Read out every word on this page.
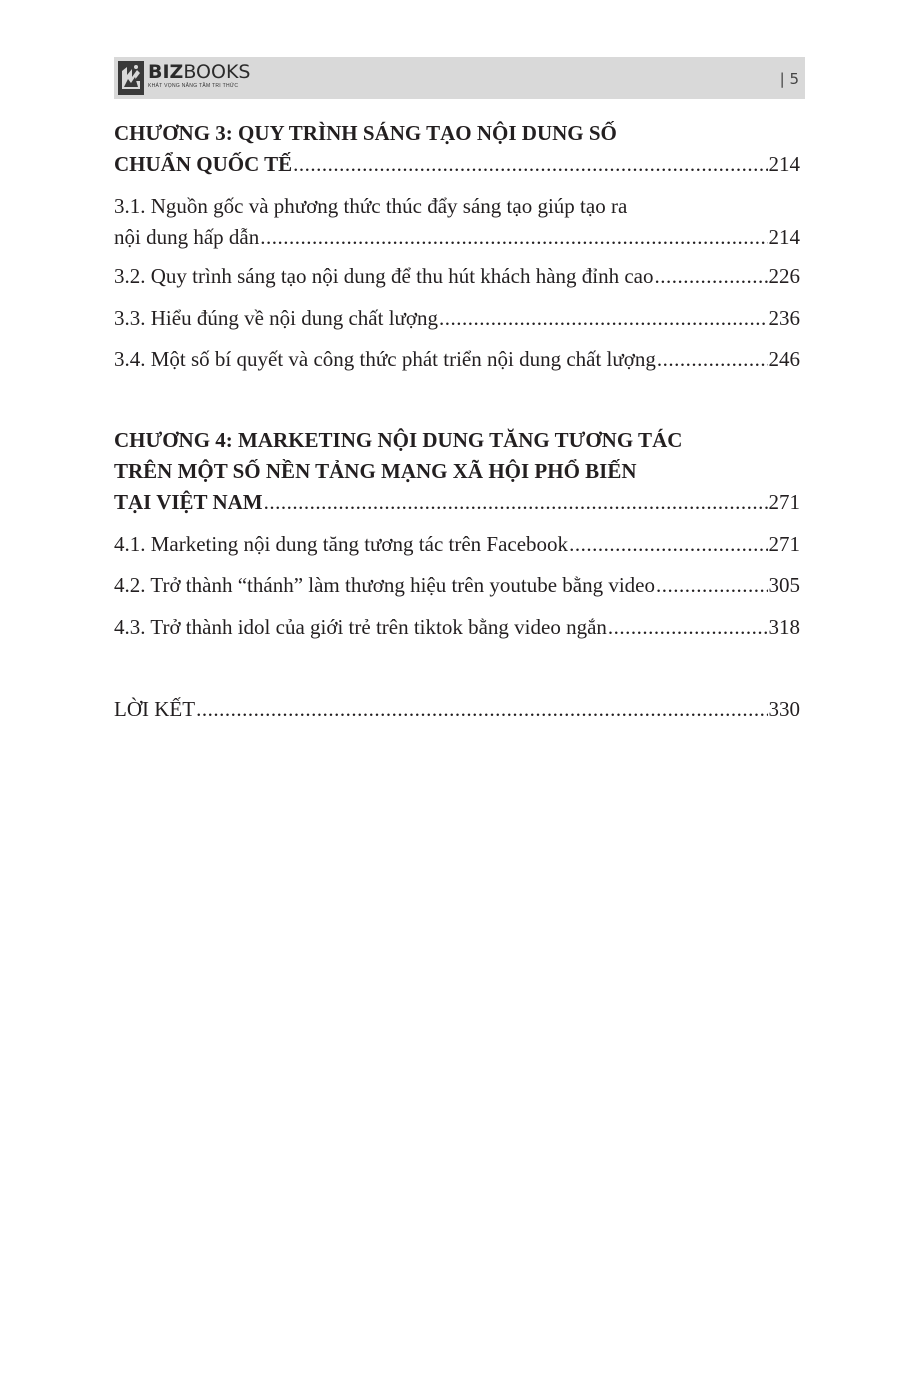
BIZBOOKS
KHÁT VỌNG NÂNG TẦM TRI THỨC	| 5
CHƯƠNG 3: QUY TRÌNH SÁNG TẠO NỘI DUNG SỐ
CHUẨN QUỐC TẾ .....	214
3.1. Nguồn gốc và phương thức thúc đẩy sáng tạo giúp tạo ra
nội dung hấp dẫn .....	214
3.2. Quy trình sáng tạo nội dung để thu hút khách hàng đỉnh cao .....	226
3.3. Hiểu đúng về nội dung chất lượng .....	236
3.4. Một số bí quyết và công thức phát triển nội dung chất lượng .....	246
CHƯƠNG 4: MARKETING NỘI DUNG TĂNG TƯƠNG TÁC
TRÊN MỘT SỐ NỀN TẢNG MẠNG XÃ HỘI PHỔ BIẾN
TẠI VIỆT NAM .....	271
4.1. Marketing nội dung tăng tương tác trên Facebook .....	271
4.2. Trở thành “thánh” làm thương hiệu trên youtube bằng video .....	305
4.3. Trở thành idol của giới trẻ trên tiktok bằng video ngắn .....	318
LỜI KẾT .....	330
